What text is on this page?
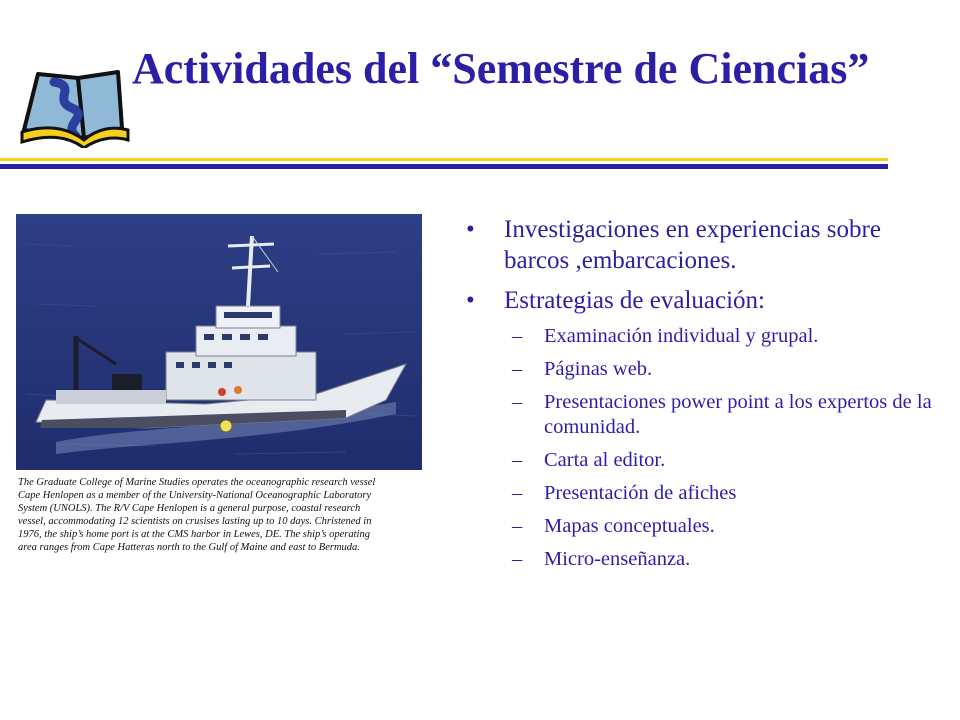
Actividades del “Semestre de Ciencias”
The Graduate College of Marine Studies operates the oceanographic research vessel
Cape Henlopen as a member of the University-National Oceanographic Laboratory
System (UNOLS). The R/V Cape Henlopen is a general purpose, coastal research
vessel, accommodating 12 scientists on crusises lasting up to 10 days. Christened in
1976, the ship’s home port is at the CMS harbor in Lewes, DE. The ship’s operating
area ranges from Cape Hatteras north to the Gulf of Maine and east to Bermuda.
• Investigaciones en experiencias sobre barcos ,embarcaciones.
• Estrategias de evaluación:
– Examinación individual y grupal.
– Páginas web.
– Presentaciones power point a los expertos de la comunidad.
– Carta al editor.
– Presentación de afiches
– Mapas conceptuales.
– Micro-enseñanza.
